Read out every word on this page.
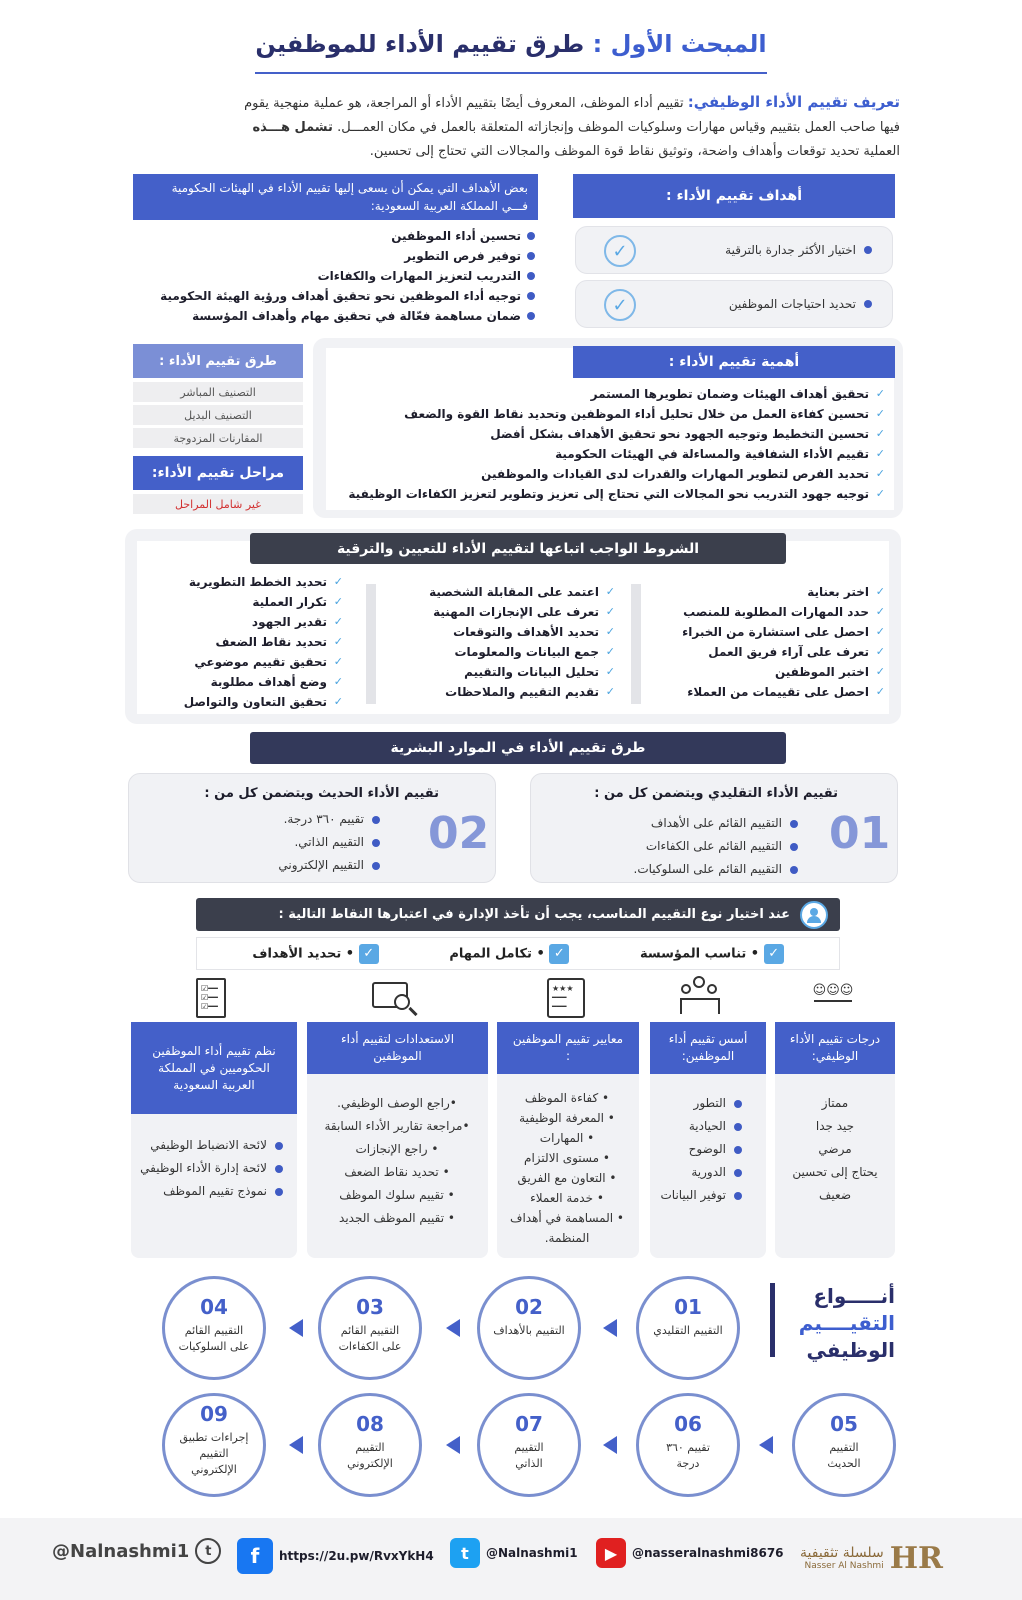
المبحث الأول : طرق تقييم الأداء للموظفين
تعريف تقييم الأداء الوظيفي: تقييم أداء الموظف، المعروف أيضًا بتقييم الأداء أو المراجعة، هو عملية منهجية يقوم
فيها صاحب العمل بتقييم وقياس مهارات وسلوكيات الموظف وإنجازاته المتعلقة بالعمل في مكان العمـــل. تشمل هـــذه
العملية تحديد توقعات وأهداف واضحة، وتوثيق نقاط قوة الموظف والمجالات التي تحتاج إلى تحسين.
أهداف تقييم الأداء :
اختيار الأكثر جدارة بالترقية
✓
تحديد احتياجات الموظفين
✓
بعض الأهداف التي يمكن أن يسعى إليها تقييم الأداء في الهيئات الحكومية فـــي المملكة العربية السعودية:
تحسين أداء الموظفين
توفير فرص التطوير
التدريب لتعزيز المهارات والكفاءات
توجيه أداء الموظفين نحو تحقيق أهداف ورؤية الهيئة الحكومية
ضمان مساهمة فعّالة في تحقيق مهام وأهداف المؤسسة
طرق تقييم الأداء :
التصنيف المباشر
التصنيف البديل
المقارنات المزدوجة
مراحل تقييم الأداء:
غير شامل المراحل
أهمية تقييم الأداء :
✓ تحقيق أهداف الهيئات وضمان تطويرها المستمر
✓ تحسين كفاءة العمل من خلال تحليل أداء الموظفين وتحديد نقاط القوة والضعف
✓ تحسين التخطيط وتوجيه الجهود نحو تحقيق الأهداف بشكل أفضل
✓ تقييم الأداء الشفافية والمساءلة في الهيئات الحكومية
✓ تحديد الفرص لتطوير المهارات والقدرات لدى القيادات والموظفين
✓ توجيه جهود التدريب نحو المجالات التي تحتاج إلى تعزيز وتطوير لتعزيز الكفاءات الوظيفية
الشروط الواجب اتباعها لتقييم الأداء للتعيين والترقية
✓ اختر بعناية
✓ حدد المهارات المطلوبة للمنصب
✓ احصل على استشارة من الخبراء
✓ تعرف على آراء فريق العمل
✓ اختبر الموظفين
✓ احصل على تقييمات من العملاء
✓ اعتمد على المقابلة الشخصية
✓ تعرف على الإنجازات المهنية
✓ تحديد الأهداف والتوقعات
✓ جمع البيانات والمعلومات
✓ تحليل البيانات والتقييم
✓ تقديم التقييم والملاحظات
✓ تحديد الخطط التطويرية
✓ تكرار العملية
✓ تقدير الجهود
✓ تحديد نقاط الضعف
✓ تحقيق تقييم موضوعي
✓ وضع أهداف مطلوبة
✓ تحقيق التعاون والتواصل
طرق تقييم الأداء في الموارد البشرية
تقييم الأداء التقليدي ويتضمن كل من :
التقييم القائم على الأهداف
التقييم القائم على الكفاءات
التقييم القائم على السلوكيات.
01
تقييم الأداء الحديث ويتضمن كل من :
تقييم ٣٦٠ درجة.
التقييم الذاتي.
التقييم الإلكتروني
02
عند اختيار نوع التقييم المناسب، يجب أن تأخذ الإدارة في اعتبارها النقاط التالية :
✓ • تناسب المؤسسة
✓ • تكامل المهام
✓ • تحديد الأهداف
☺☺☺
درجات تقييم الأداء الوظيفي:
ممتاز
جيد جدا
مرضي
يحتاج إلى تحسين
ضعيف
أسس تقييم أداء الموظفين:
التطور
الحيادية
الوضوح
الدورية
توفير البيانات
★★★
━━━
━━━
معايير تقييم الموظفين :
• كفاءة الموظف
• المعرفة الوظيفية
• المهارات
• مستوى الالتزام
• التعاون مع الفريق
• خدمة العملاء
• المساهمة في أهداف المنظمة.
الاستعدادات لتقييم أداء الموظفين
•راجع الوصف الوظيفي.
•مراجعة تقارير الأداء السابقة
• راجع الإنجازات
• تحديد نقاط الضعف
• تقييم سلوك الموظف
• تقييم الموظف الجديد
☑━━
☑━━
☑━━
نظم تقييم أداء الموظفين الحكوميين في المملكة العربية السعودية
لائحة الانضباط الوظيفي
لائحة إدارة الأداء الوظيفي
نموذج تقييم الموظف
أنـــــواع
التقيــــيم
الوظيفي
01
التقييم التقليدي
02
التقييم بالأهداف
03
التقييم القائم على الكفاءات
04
التقييم القائم على السلوكيات
05
التقييم الحديث
06
تقييم ٣٦٠ درجة
07
التقييم الذاتي
08
التقييم الإلكتروني
09
إجراءات تطبيق التقييم الإلكتروني
سلسلة تثقيفية
Nasser Al Nashmi HR
▶	@nasseralnashmi8676
t	@Nalnashmi1
f	https://2u.pw/RvxYkH4
@Nalnashmi1	t
